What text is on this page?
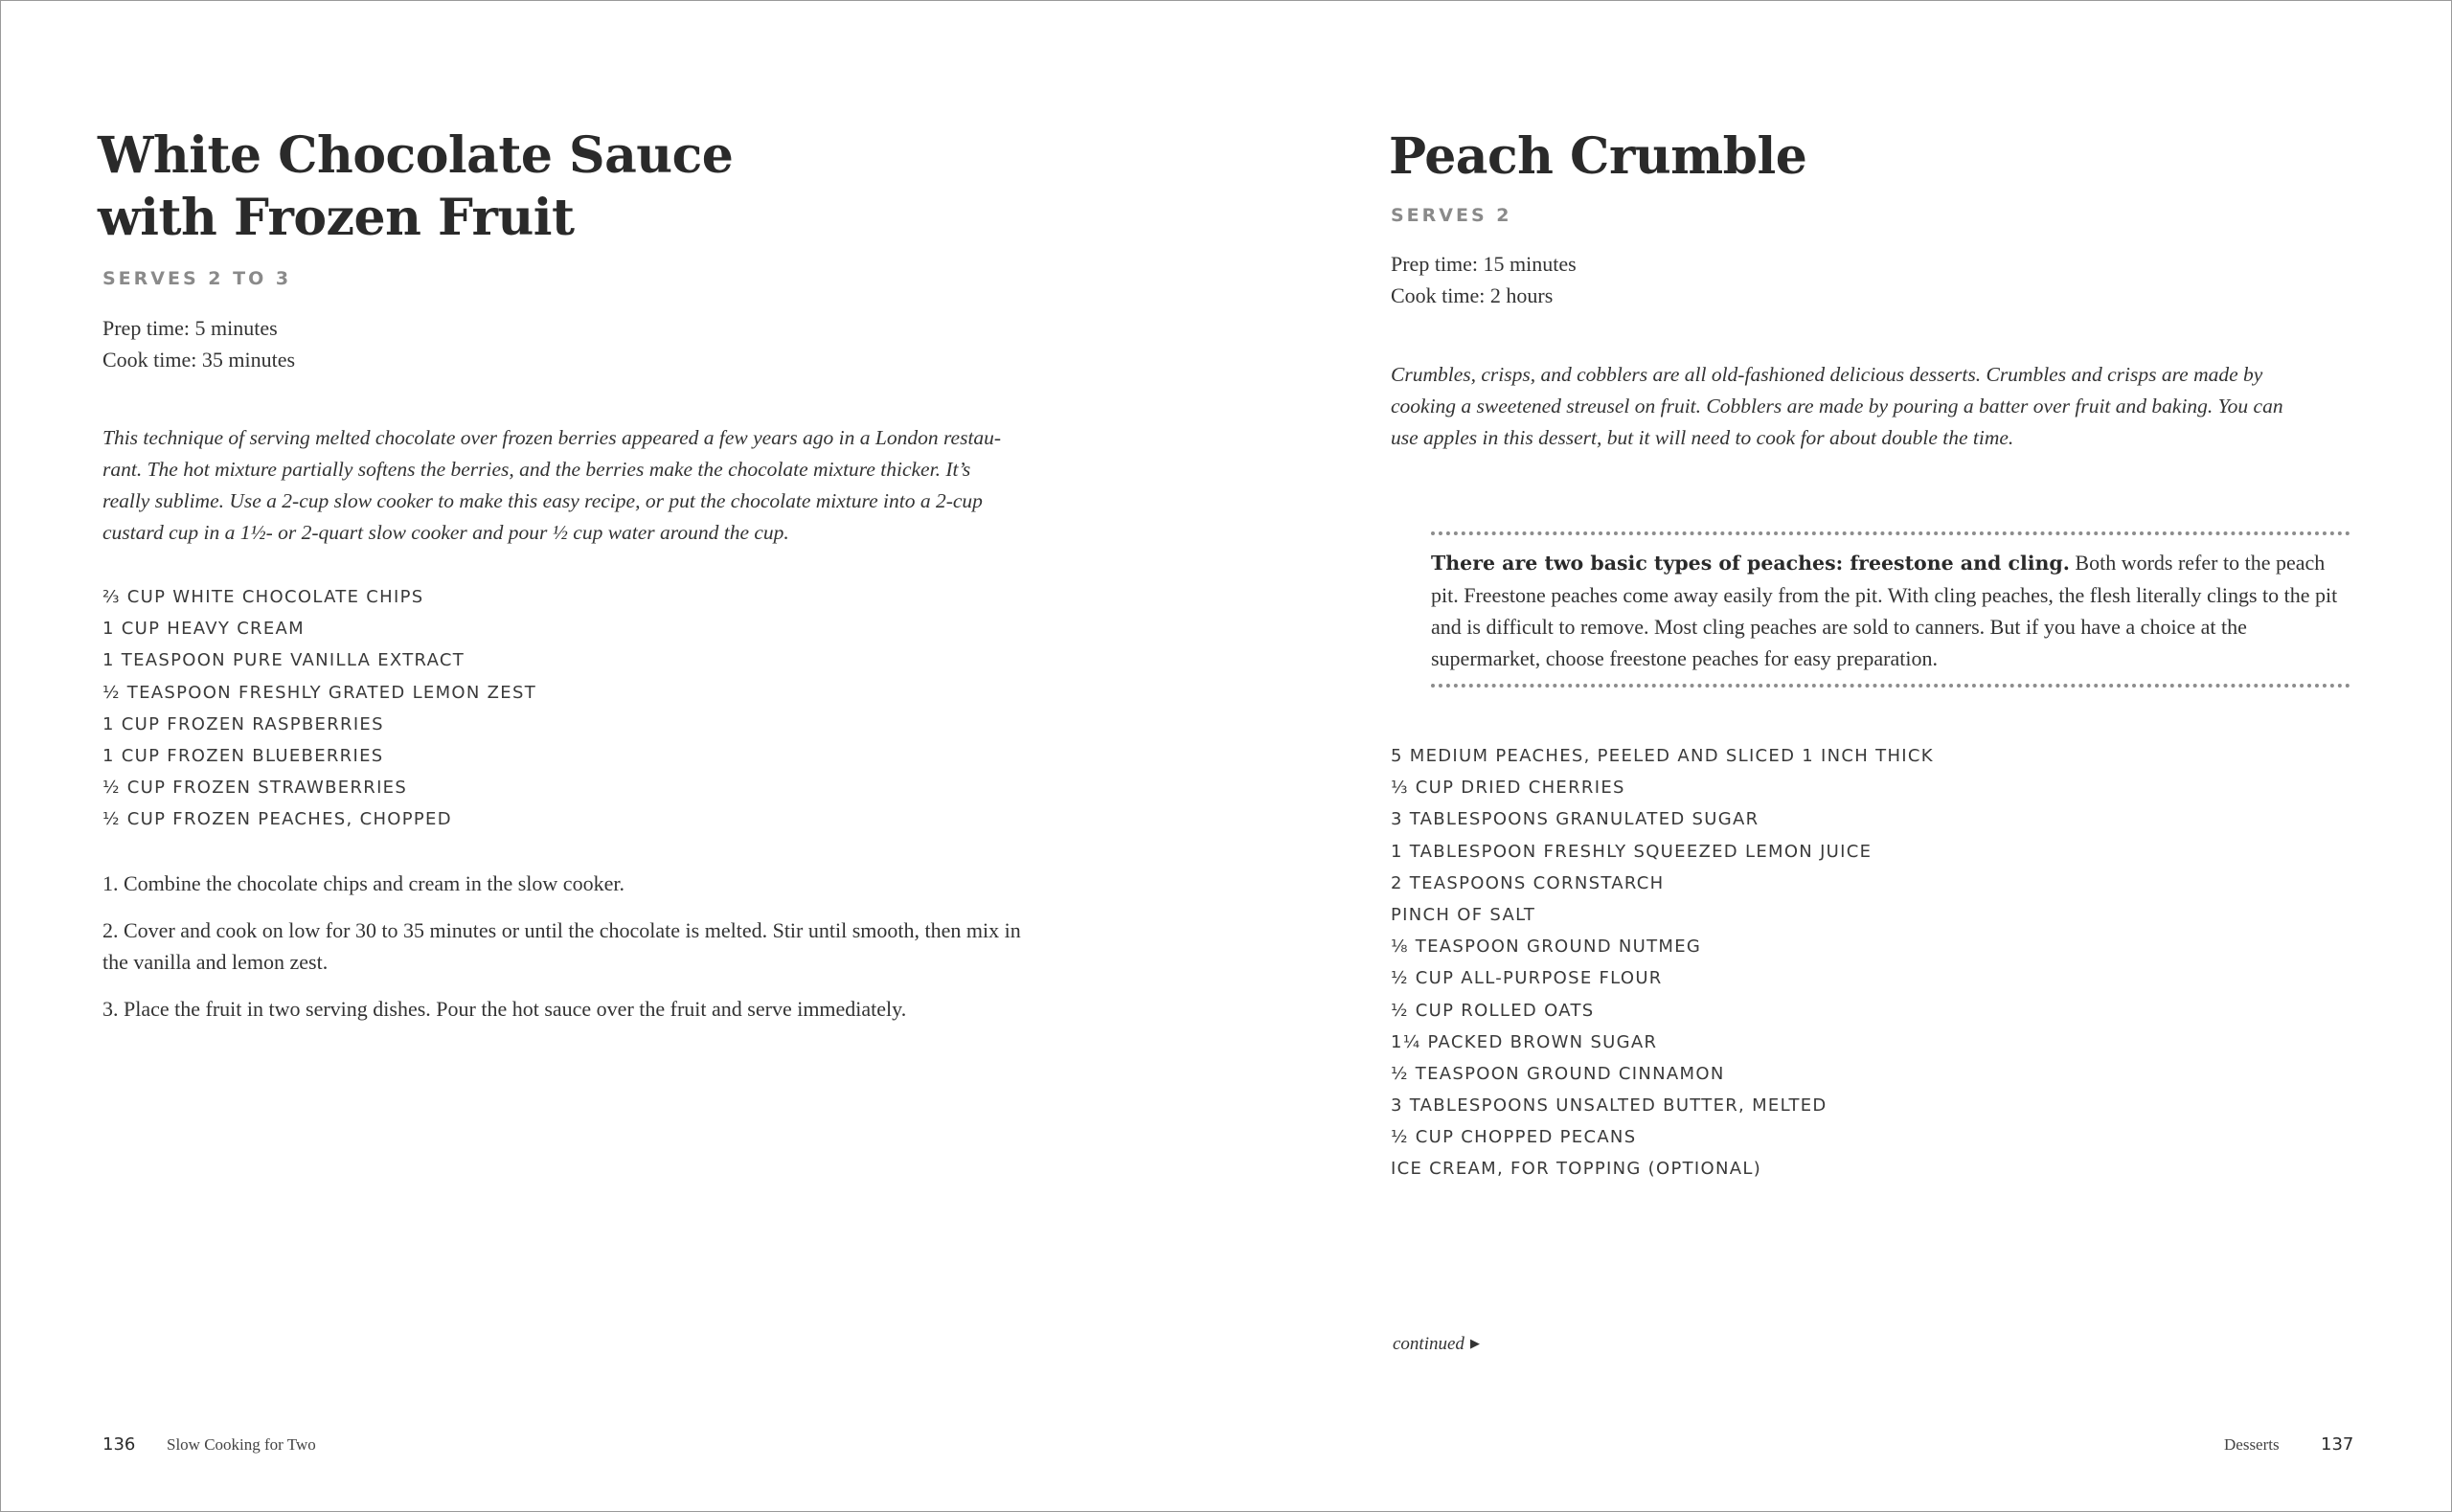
White Chocolate Sauce
with Frozen Fruit
SERVES 2 TO 3
Prep time: 5 minutes
Cook time: 35 minutes
This technique of serving melted chocolate over frozen berries appeared a few years ago in a London restau-
rant. The hot mixture partially softens the berries, and the berries make the chocolate mixture thicker. It’s
really sublime. Use a 2-cup slow cooker to make this easy recipe, or put the chocolate mixture into a 2-cup
custard cup in a 1½- or 2-quart slow cooker and pour ½ cup water around the cup.
⅔ CUP WHITE CHOCOLATE CHIPS
1 CUP HEAVY CREAM
1 TEASPOON PURE VANILLA EXTRACT
½ TEASPOON FRESHLY GRATED LEMON ZEST
1 CUP FROZEN RASPBERRIES
1 CUP FROZEN BLUEBERRIES
½ CUP FROZEN STRAWBERRIES
½ CUP FROZEN PEACHES, CHOPPED
1. Combine the chocolate chips and cream in the slow cooker.
2. Cover and cook on low for 30 to 35 minutes or until the chocolate is melted. Stir until smooth, then mix in the vanilla and lemon zest.
3. Place the fruit in two serving dishes. Pour the hot sauce over the fruit and serve immediately.
136 Slow Cooking for Two
Peach Crumble
SERVES 2
Prep time: 15 minutes
Cook time: 2 hours
Crumbles, crisps, and cobblers are all old-fashioned delicious desserts. Crumbles and crisps are made by
cooking a sweetened streusel on fruit. Cobblers are made by pouring a batter over fruit and baking. You can
use apples in this dessert, but it will need to cook for about double the time.
There are two basic types of peaches: freestone and cling. Both words refer to the peach pit. Freestone peaches come away easily from the pit. With cling peaches, the flesh literally clings to the pit and is difficult to remove. Most cling peaches are sold to canners. But if you have a choice at the supermarket, choose freestone peaches for easy preparation.
5 MEDIUM PEACHES, PEELED AND SLICED 1 INCH THICK
⅓ CUP DRIED CHERRIES
3 TABLESPOONS GRANULATED SUGAR
1 TABLESPOON FRESHLY SQUEEZED LEMON JUICE
2 TEASPOONS CORNSTARCH
PINCH OF SALT
⅛ TEASPOON GROUND NUTMEG
½ CUP ALL-PURPOSE FLOUR
½ CUP ROLLED OATS
1¼ PACKED BROWN SUGAR
½ TEASPOON GROUND CINNAMON
3 TABLESPOONS UNSALTED BUTTER, MELTED
½ CUP CHOPPED PECANS
ICE CREAM, FOR TOPPING (OPTIONAL)
continued ▶
Desserts 137
